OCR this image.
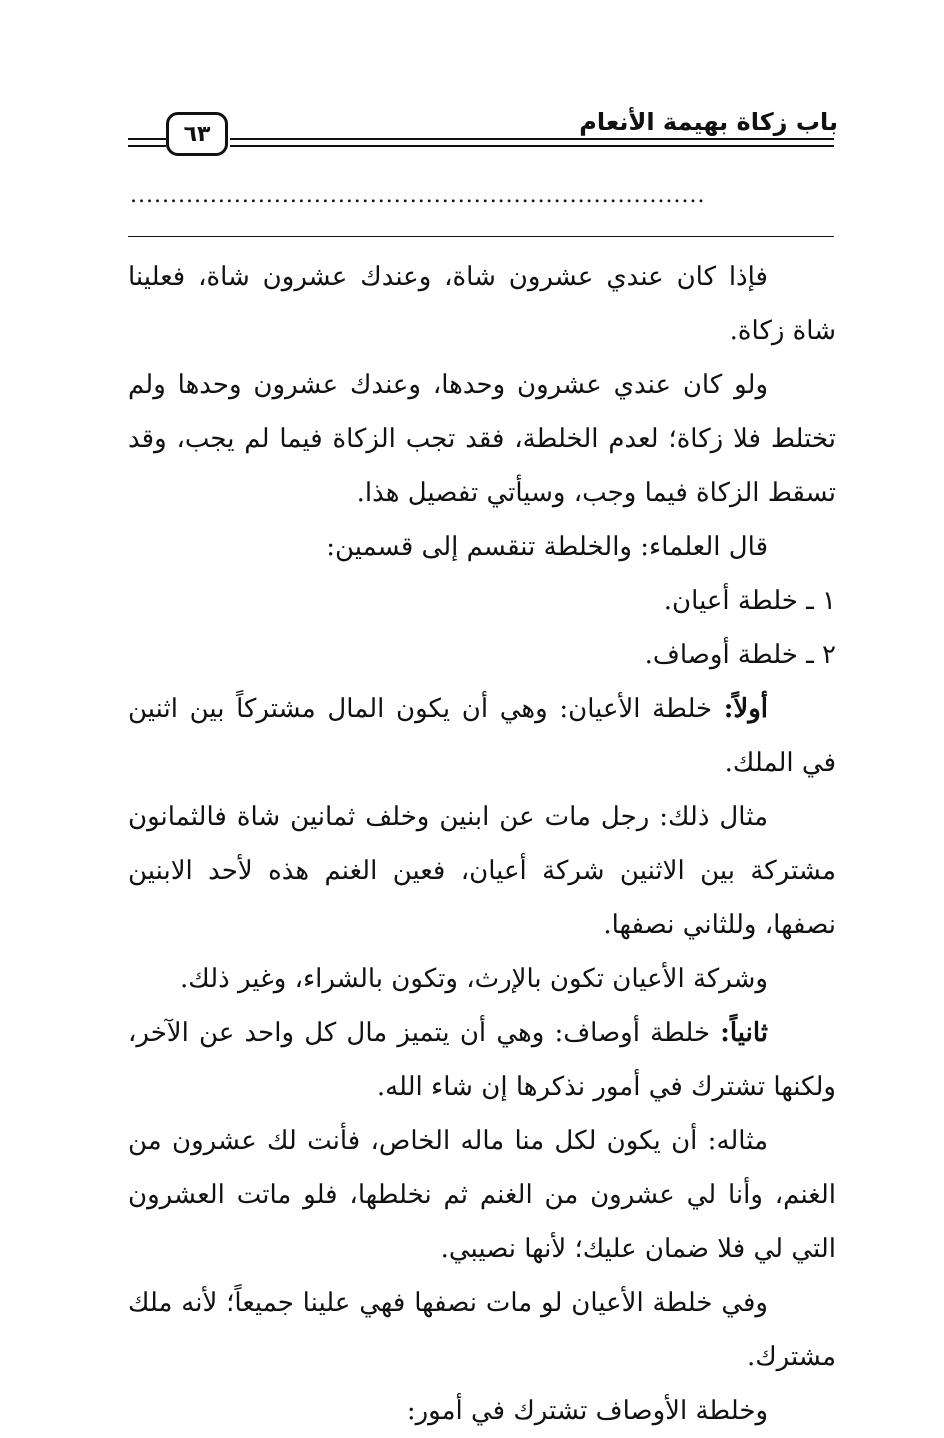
باب زكاة بهيمة الأنعام
٦٣
........................................................................

فإذا كان عندي عشرون شاة، وعندك عشرون شاة، فعلينا شاة زكاة.

ولو كان عندي عشرون وحدها، وعندك عشرون وحدها ولم تختلط فلا زكاة؛ لعدم الخلطة، فقد تجب الزكاة فيما لم يجب، وقد تسقط الزكاة فيما وجب، وسيأتي تفصيل هذا.

قال العلماء: والخلطة تنقسم إلى قسمين:

١ ـ خلطة أعيان.

٢ ـ خلطة أوصاف.

أولاً: خلطة الأعيان: وهي أن يكون المال مشتركاً بين اثنين في الملك.

مثال ذلك: رجل مات عن ابنين وخلف ثمانين شاة فالثمانون مشتركة بين الاثنين شركة أعيان، فعين الغنم هذه لأحد الابنين نصفها، وللثاني نصفها.

وشركة الأعيان تكون بالإرث، وتكون بالشراء، وغير ذلك.

ثانياً: خلطة أوصاف: وهي أن يتميز مال كل واحد عن الآخر، ولكنها تشترك في أمور نذكرها إن شاء الله.

مثاله: أن يكون لكل منا ماله الخاص، فأنت لك عشرون من الغنم، وأنا لي عشرون من الغنم ثم نخلطها، فلو ماتت العشرون التي لي فلا ضمان عليك؛ لأنها نصيبي.

وفي خلطة الأعيان لو مات نصفها فهي علينا جميعاً؛ لأنه ملك مشترك.

وخلطة الأوصاف تشترك في أمور:
